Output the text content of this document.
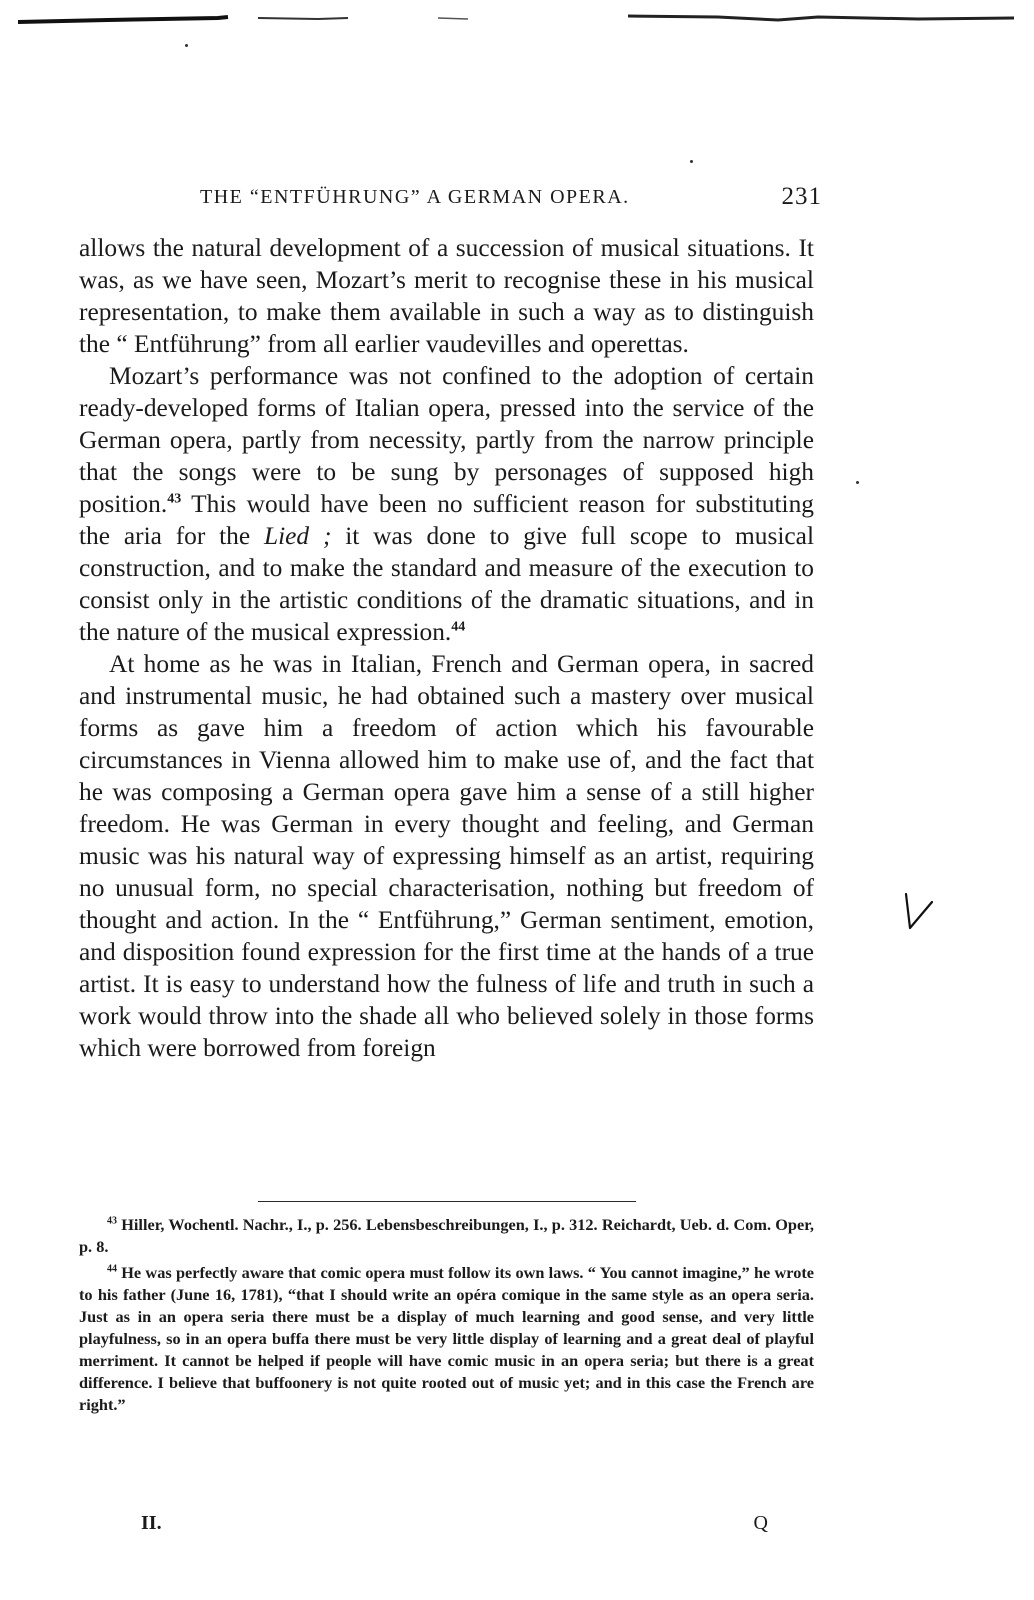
THE “ENTFÜHRUNG” A GERMAN OPERA.	231

allows the natural development of a succession of musical situations. It was, as we have seen, Mozart’s merit to recognise these in his musical representation, to make them available in such a way as to distinguish the “ Entführung” from all earlier vaudevilles and operettas.

Mozart’s performance was not confined to the adoption of certain ready-developed forms of Italian opera, pressed into the service of the German opera, partly from necessity, partly from the narrow principle that the songs were to be sung by personages of supposed high position.$^{43}$ This would have been no sufficient reason for substituting the aria for the Lied ; it was done to give full scope to musical construction, and to make the standard and measure of the execution to consist only in the artistic conditions of the dramatic situations, and in the nature of the musical expression.$^{44}$

At home as he was in Italian, French and German opera, in sacred and instrumental music, he had obtained such a mastery over musical forms as gave him a freedom of action which his favourable circumstances in Vienna allowed him to make use of, and the fact that he was composing a German opera gave him a sense of a still higher freedom. He was German in every thought and feeling, and German music was his natural way of expressing himself as an artist, requiring no unusual form, no special characterisation, nothing but freedom of thought and action. In the “ Entführung,” German sentiment, emotion, and disposition found expression for the first time at the hands of a true artist. It is easy to understand how the fulness of life and truth in such a work would throw into the shade all who believed solely in those forms which were borrowed from foreign

$^{43}$ Hiller, Wochentl. Nachr., I., p. 256. Lebensbeschreibungen, I., p. 312. Reichardt, Ueb. d. Com. Oper, p. 8.

$^{44}$ He was perfectly aware that comic opera must follow its own laws. “ You cannot imagine,” he wrote to his father (June 16, 1781), “that I should write an opéra comique in the same style as an opera seria. Just as in an opera seria there must be a display of much learning and good sense, and very little playfulness, so in an opera buffa there must be very little display of learning and a great deal of playful merriment. It cannot be helped if people will have comic music in an opera seria; but there is a great difference. I believe that buffoonery is not quite rooted out of music yet; and in this case the French are right.”

II.	Q
